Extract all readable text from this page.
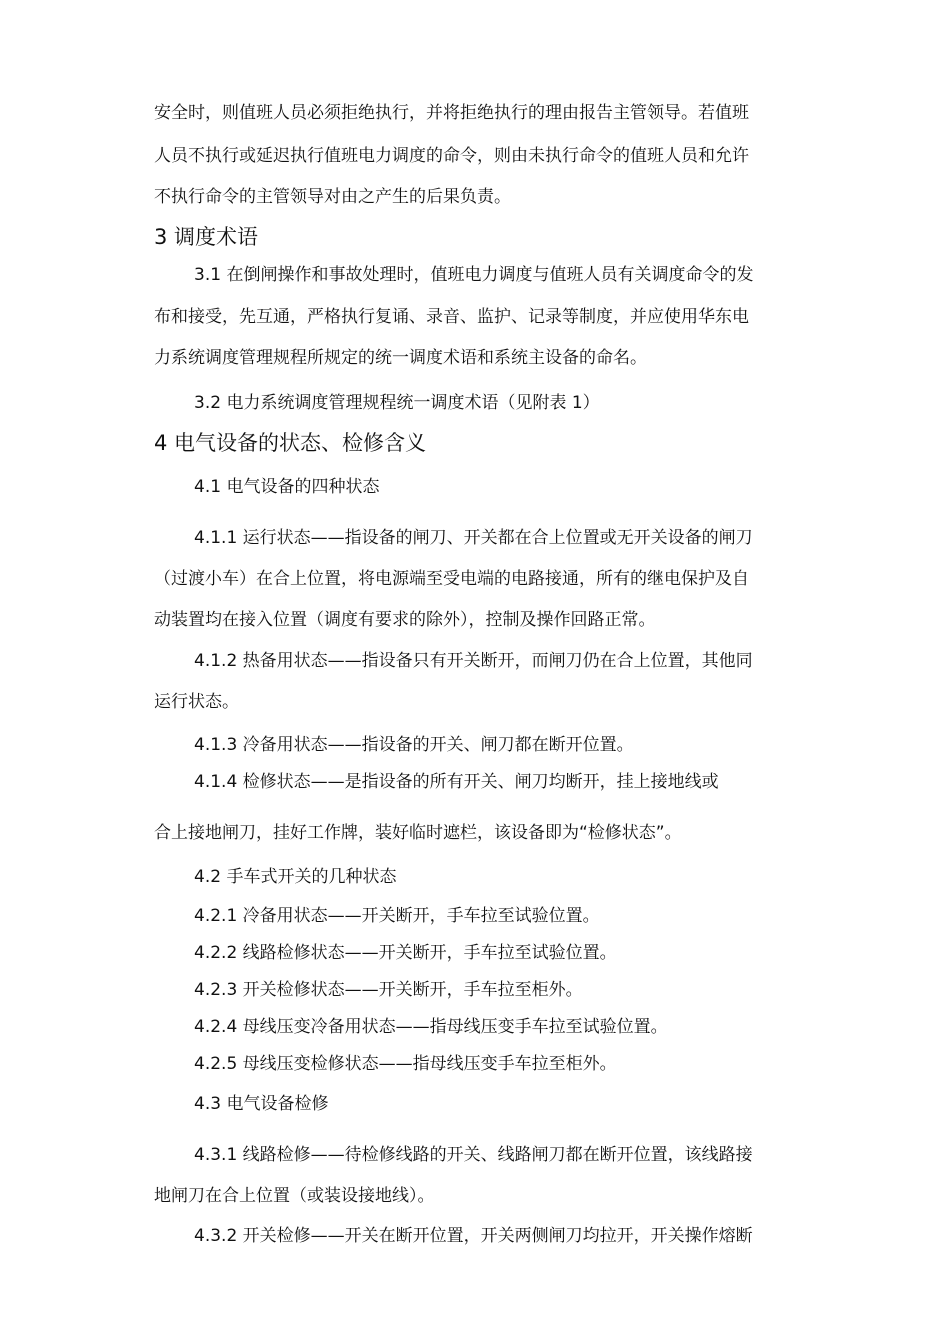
安全时，则值班人员必须拒绝执行，并将拒绝执行的理由报告主管领导。若值班
人员不执行或延迟执行值班电力调度的命令，则由未执行命令的值班人员和允许
不执行命令的主管领导对由之产生的后果负责。
3 调度术语
3.1 在倒闸操作和事故处理时，值班电力调度与值班人员有关调度命令的发
布和接受，先互通，严格执行复诵、录音、监护、记录等制度，并应使用华东电
力系统调度管理规程所规定的统一调度术语和系统主设备的命名。
3.2 电力系统调度管理规程统一调度术语（见附表 1）
4 电气设备的状态、检修含义
4.1 电气设备的四种状态
4.1.1 运行状态——指设备的闸刀、开关都在合上位置或无开关设备的闸刀
（过渡小车）在合上位置，将电源端至受电端的电路接通，所有的继电保护及自
动装置均在接入位置（调度有要求的除外），控制及操作回路正常。
4.1.2 热备用状态——指设备只有开关断开，而闸刀仍在合上位置，其他同
运行状态。
4.1.3 冷备用状态——指设备的开关、闸刀都在断开位置。
4.1.4 检修状态——是指设备的所有开关、闸刀均断开，挂上接地线或
合上接地闸刀，挂好工作牌，装好临时遮栏，该设备即为“检修状态”。
4.2 手车式开关的几种状态
4.2.1 冷备用状态——开关断开，手车拉至试验位置。
4.2.2 线路检修状态——开关断开，手车拉至试验位置。
4.2.3 开关检修状态——开关断开，手车拉至柜外。
4.2.4 母线压变冷备用状态——指母线压变手车拉至试验位置。
4.2.5 母线压变检修状态——指母线压变手车拉至柜外。
4.3 电气设备检修
4.3.1 线路检修——待检修线路的开关、线路闸刀都在断开位置，该线路接
地闸刀在合上位置（或装设接地线）。
4.3.2 开关检修——开关在断开位置，开关两侧闸刀均拉开，开关操作熔断
